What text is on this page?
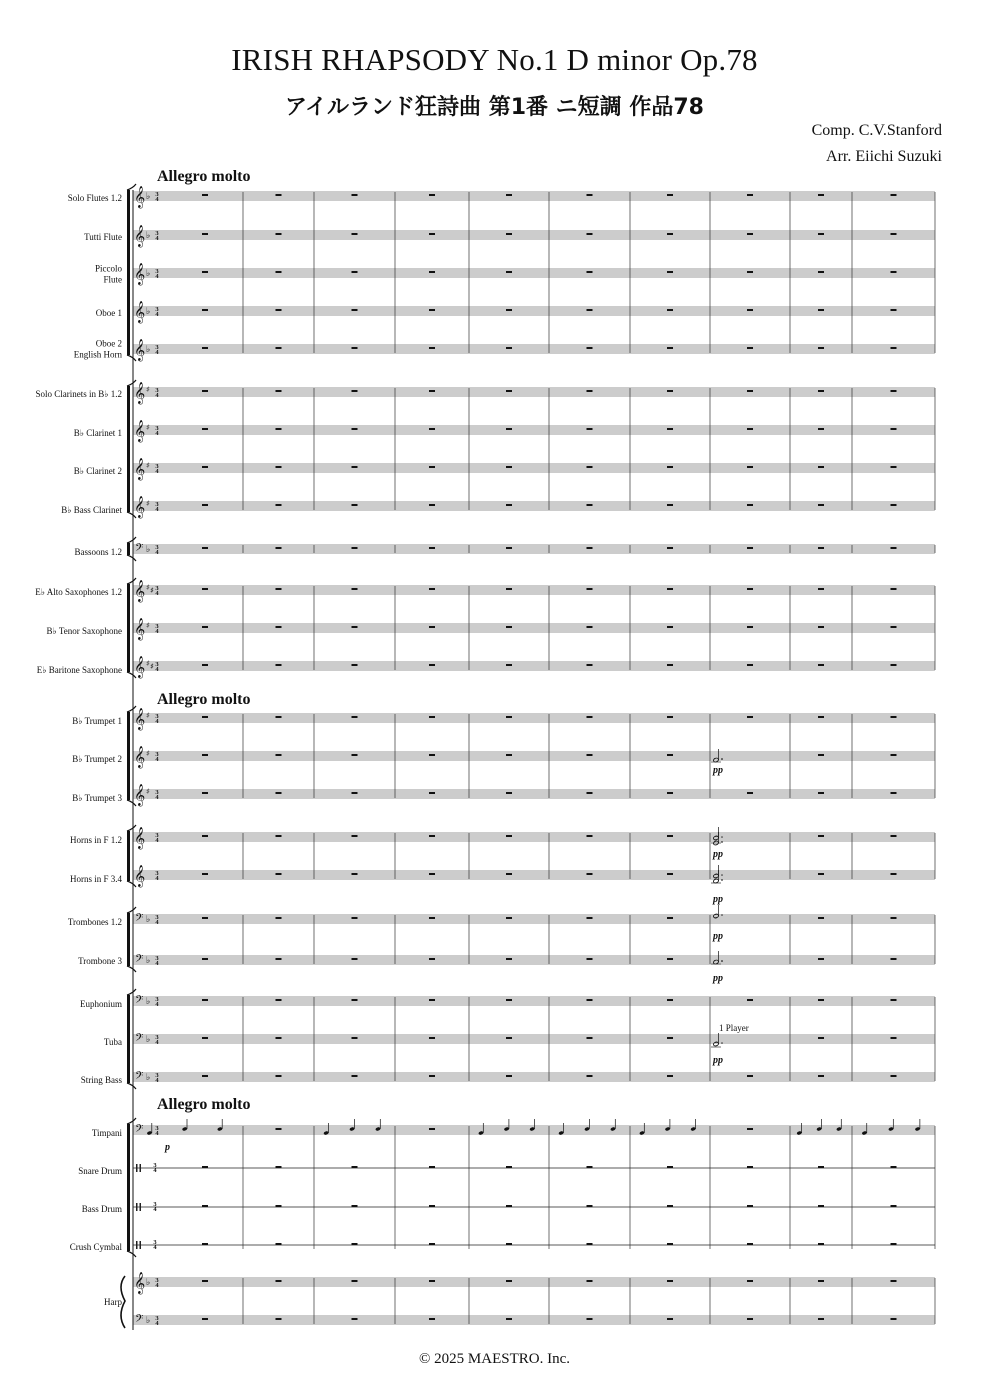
IRISH RHAPSODY No.1 D minor Op.78
アイルランド狂詩曲 第1番 ニ短調 作品78
Comp. C.V.Stanford
Arr. Eiichi Suzuki
𝄞 ♭ 3
4
𝄞 ♭ 3
4
𝄞 ♭ 3
4
𝄞 ♭ 3
4
𝄞 ♭ 3
4
𝄞 ♯ 3
4
𝄞 ♯ 3
4
𝄞 ♯ 3
4
𝄞 ♯ 3
4
𝄢 ♭ 3
4
𝄞 ♯ ♯ 3
4
𝄞 ♯ 3
4
𝄞 ♯ ♯ 3
4
𝄞 ♯ 3
4
𝄞 ♯ 3
4
𝄞 ♯ 3
4
𝄞 3
4
𝄞 3
4
𝄢 ♭ 3
4
𝄢 ♭ 3
4
𝄢 ♭ 3
4
𝄢 ♭ 3
4
𝄢 ♭ 3
4
𝄢 3
4
3
4
3
4
3
4
𝄞 ♭ 3
4
𝄢 ♭ 3
4
Solo Flutes 1.2
Tutti Flute
Piccolo
Flute
Oboe 1
Oboe 2
English Horn
Solo Clarinets in B♭ 1.2
B♭ Clarinet 1
B♭ Clarinet 2
B♭ Bass Clarinet
Bassoons 1.2
E♭ Alto Saxophones 1.2
B♭ Tenor Saxophone
E♭ Baritone Saxophone
B♭ Trumpet 1
B♭ Trumpet 2
B♭ Trumpet 3
Horns in F 1.2
Horns in F 3.4
Trombones 1.2
Trombone 3
Euphonium
Tuba
String Bass
Timpani
Snare Drum
Bass Drum
Crush Cymbal
Harp
pp
pp
pp
pp
pp
pp
1 Player
p
Allegro molto
Allegro molto
Allegro molto
© 2025 MAESTRO. Inc.
